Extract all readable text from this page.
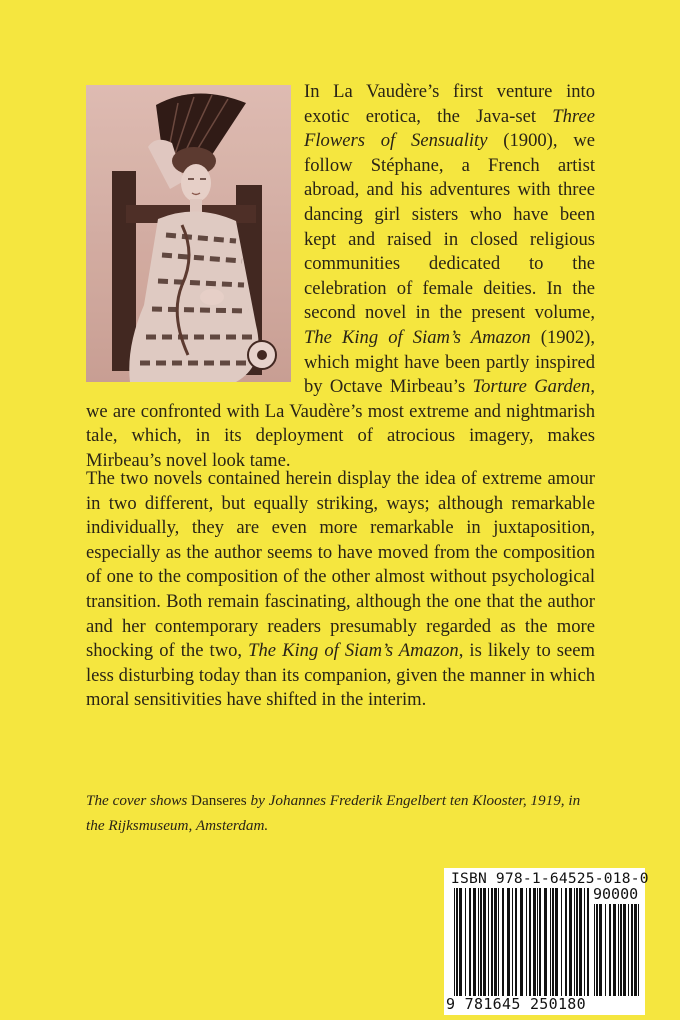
In La Vaudère’s first venture into exotic erotica, the Java-set Three Flowers of Sensuality (1900), we follow Stéphane, a French artist abroad, and his adventures with three dancing girl sisters who have been kept and raised in closed religious communities dedicated to the celebration of female deities. In the second novel in the present volume, The King of Siam’s Amazon (1902), which might have been partly inspired by Octave Mirbeau’s Torture Garden, we are confronted with La Vaudère’s most extreme and nightmarish tale, which, in its deployment of atrocious imagery, makes Mirbeau’s novel look tame.

The two novels contained herein display the idea of extreme amour in two different, but equally striking, ways; although remarkable individually, they are even more remarkable in juxtaposition, especially as the author seems to have moved from the composition of one to the composition of the other almost without psychological transition. Both remain fascinating, although the one that the author and her contemporary readers presumably regarded as the more shocking of the two, The King of Siam’s Amazon, is likely to seem less disturbing today than its companion, given the manner in which moral sensitivities have shifted in the interim.

The cover shows Danseres by Johannes Frederik Engelbert ten Klooster, 1919, in the Rijksmuseum, Amsterdam.

ISBN 978-1-64525-018-0
90000
9 781645 250180
